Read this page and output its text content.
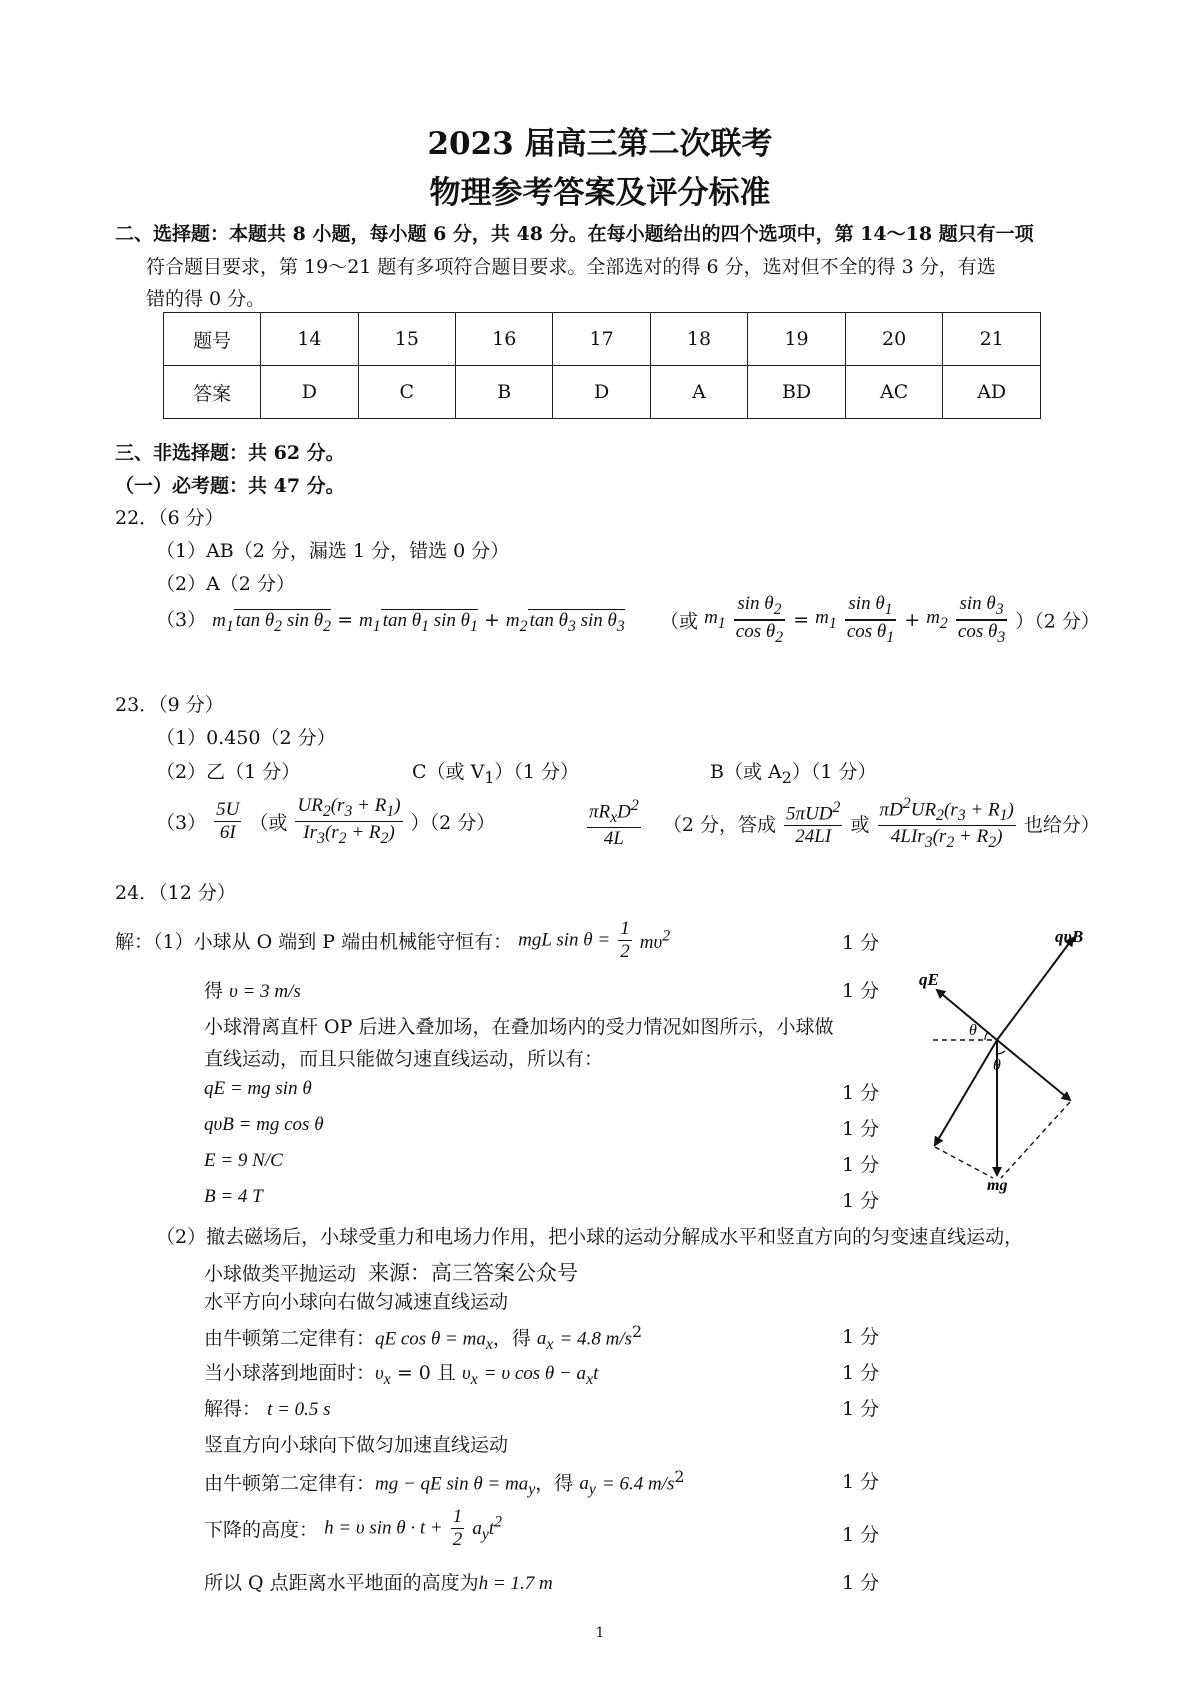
2023 届高三第二次联考
物理参考答案及评分标准
二、选择题：本题共 8 小题，每小题 6 分，共 48 分。在每小题给出的四个选项中，第 14～18 题只有一项
符合题目要求，第 19～21 题有多项符合题目要求。全部选对的得 6 分，选对但不全的得 3 分，有选
错的得 0 分。
题号	14	15	16	17	18	19	20	21
答案	D	C	B	D	A	BD	AC	AD
三、非选择题：共 62 分。
（一）必考题：共 47 分。
22．（6 分）
（1）AB（2 分，漏选 1 分，错选 0 分）
（2）A（2 分）
（3） $m_1$ $\tan \theta_2$ $\sin \theta_2 = m_1$ $\tan \theta_1$ $\sin \theta_1 + m_2$ $\tan \theta_3$ $\sin \theta_3$ （或 $m_1 \frac{\sin \theta_2}{\cos \theta_2} = m_1 \frac{\sin \theta_1}{\cos \theta_1} + m_2 \frac{\sin \theta_3}{\cos \theta_3} )(2$ 分）
23．（9 分）
（1）0.450（2 分）
（2）乙（1 分）	C（或 $V_1)(1$ 分）	B（或 $A_2)(1$ 分）
$(3) \frac{5U}{6I}$ （或 $\frac{UR_2(r_3 + R_1)}{Ir_3(r_2 + R_2)} )(2$ 分）	$\frac{\pi R_xD^2}{4L} (2$ 分，答成 $\frac{5\pi UD^2}{24LI}$ 或 $\frac{\pi D^2UR_2(r_3 + R_1)}{4LIr_3(r_2 + R_2)}$ 也给分）
24．（12 分）
解：（1）小球从 O 端到 P 端由机械能守恒有： mgL $\sin \theta = \frac{1}{2} m\upsilon^2$	1 分
得 υ = 3 m/s	1 分
小球滑离直杆 OP 后进入叠加场，在叠加场内的受力情况如图所示，小球做
直线运动，而且只能做匀速直线运动，所以有：
qE = mg sin θ	1 分
qυB = mg cos θ	1 分
E = 9 N/C	1 分
B = 4 T	1 分
qυB
qE
θ
θ
mg
（2）撤去磁场后，小球受重力和电场力作用，把小球的运动分解成水平和竖直方向的匀变速直线运动，
小球做类平抛运动 来源：高三答案公众号
水平方向小球向右做匀减速直线运动
由牛顿第二定律有：qE $\cos \theta = ma_x$，得 $a_x = 4.8$ $m/s^2$	1 分
当小球落到地面时：$\upsilon_x = 0$ 且 $\upsilon_x = \upsilon$ $\cos \theta - a_xt$	1 分
解得： t = 0.5 s	1 分
竖直方向小球向下做匀加速直线运动
由牛顿第二定律有：mg − qE $\sin \theta = ma_y$，得 $a_y = 6.4$ $m/s^2$	1 分
下降的高度： h = υ $\sin \theta \cdot t + \frac{1}{2} a_yt^2$
1 分
所以 Q 点距离水平地面的高度为h = 1.7 m	1 分
1
